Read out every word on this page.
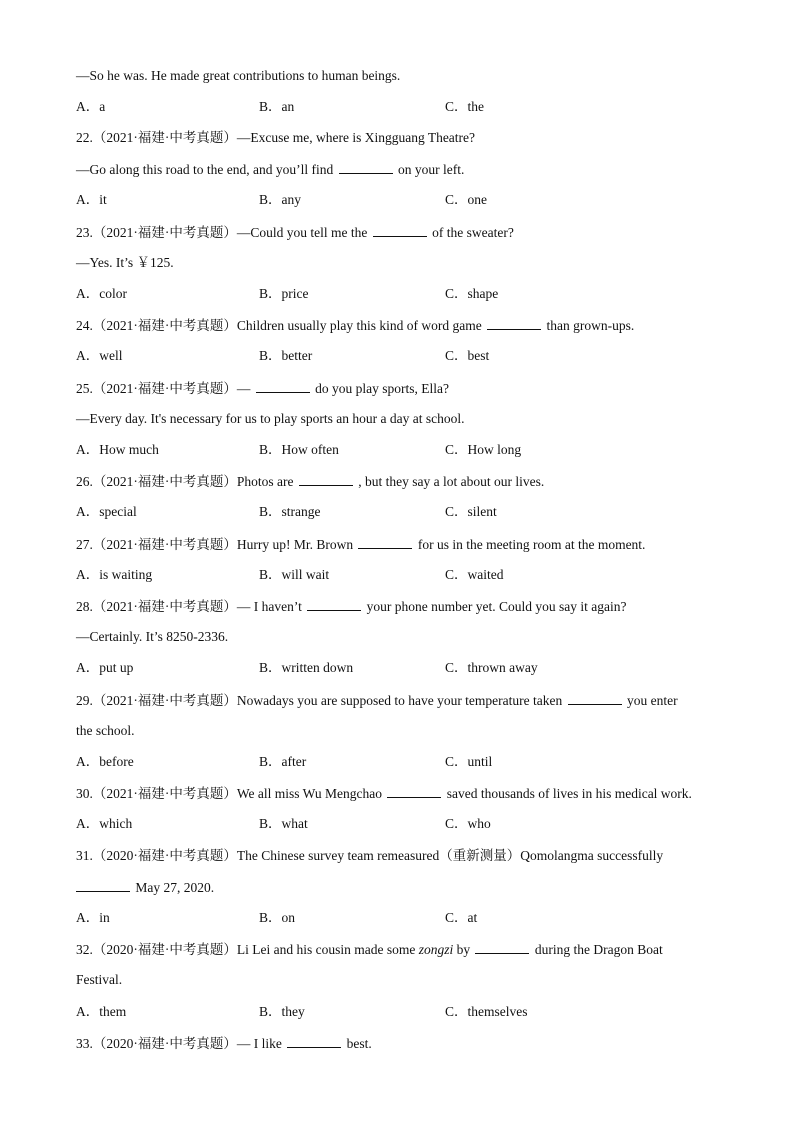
—So he was. He made great contributions to human beings.
A．a	B．an	C．the
22.（2021·福建·中考真题）—Excuse me, where is Xingguang Theatre?
—Go along this road to the end, and you’ll find	on your left.
A．it	B．any	C．one
23.（2021·福建·中考真题）—Could you tell me the	of the sweater?
—Yes. It’s ￥125.
A．color	B．price	C．shape
24.（2021·福建·中考真题）Children usually play this kind of word game	than grown-ups.
A．well	B．better	C．best
25.（2021·福建·中考真题）—	do you play sports, Ella?
—Every day. It's necessary for us to play sports an hour a day at school.
A．How much	B．How often	C．How long
26.（2021·福建·中考真题）Photos are	, but they say a lot about our lives.
A．special	B．strange	C．silent
27.（2021·福建·中考真题）Hurry up! Mr. Brown	for us in the meeting room at the moment.
A．is waiting	B．will wait	C．waited
28.（2021·福建·中考真题）— I haven’t	your phone number yet. Could you say it again?
—Certainly. It’s 8250-2336.
A．put up	B．written down	C．thrown away
29.（2021·福建·中考真题）Nowadays you are supposed to have your temperature taken	you enter
the school.
A．before	B．after	C．until
30.（2021·福建·中考真题）We all miss Wu Mengchao	saved thousands of lives in his medical work.
A．which	B．what	C．who
31.（2020·福建·中考真题）The Chinese survey team remeasured（重新测量）Qomolangma successfully
May 27, 2020.
A．in	B．on	C．at
32.（2020·福建·中考真题）Li Lei and his cousin made some zongzi by	during the Dragon Boat
Festival.
A．them	B．they	C．themselves
33.（2020·福建·中考真题）— I like	best.
